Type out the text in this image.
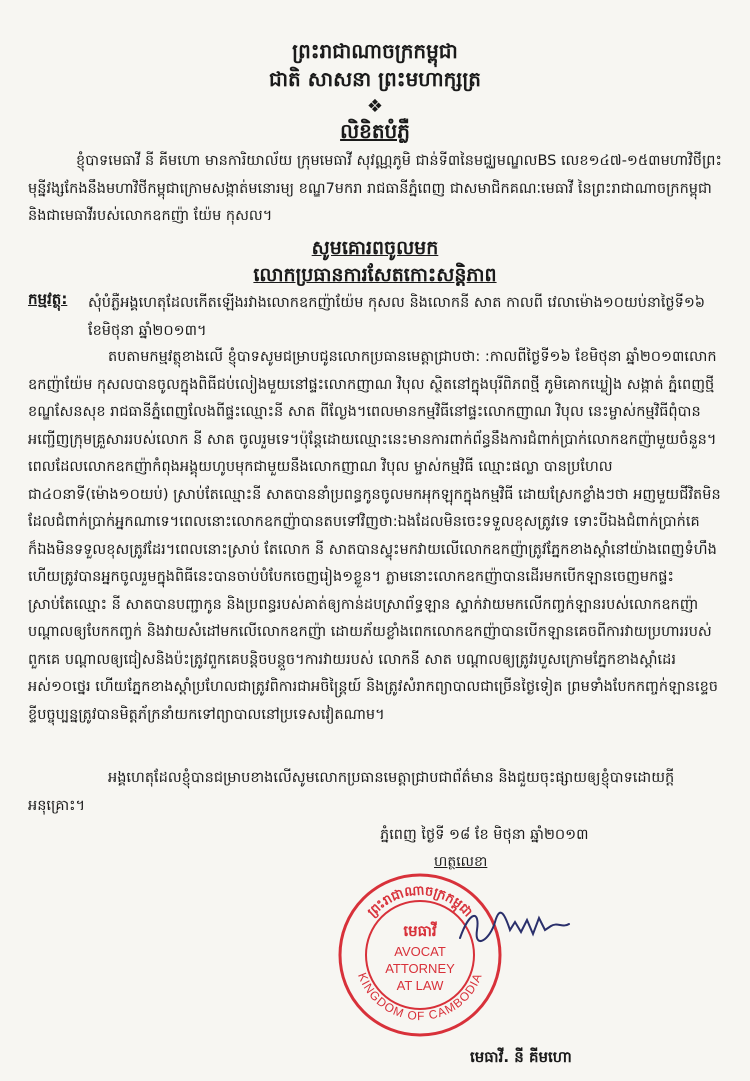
ព្រះរាជាណាចក្រកម្ពុជា
ជាតិ សាសនា ព្រះមហាក្សត្រ
❖
លិខិតបំភ្លឺ
ខ្ញុំបាទមេធាវី នី គីមហោ មានការិយាល័យ ក្រុមមេធាវី សុវណ្ណភូមិ ជាន់ទី៣នៃមជ្ឈមណ្ឌលBS លេខ១៤៧-១៥៣មហាវិថីព្រះមុន្នីវង្សកែងនឹងមហាវិថីកម្ពុជាក្រោមសង្កាត់មនោរម្យ ខណ្ឌ7មករា រាជធានីភ្នំពេញ ជាសមាជិកគណៈមេធាវី នៃព្រះរាជាណាចក្រកម្ពុជានិងជាមេធាវីរបស់លោកឧកញ៉ា យ៉ែម កុសល។
សូមគោរពចូលមក
លោកប្រធានការសែតកោះសន្តិភាព
កម្មវត្ថុ: សុំបំភ្លឺអង្គហេតុដែលកើតឡើងរវាងលោកឧកញ៉ាយ៉ែម កុសល និងលោកនី សាត កាលពី វេលាម៉ោង១០យប់នាថ្ងៃទី១៦ ខែមិថុនា ឆ្នាំ២០១៣។
តបតាមកម្មវត្ថុខាងលើ ខ្ញុំបាទសូមជម្រាបជូនលោកប្រធានមេត្តាជ្រាបថា: :កាលពីថ្ងៃទី១៦ ខែមិថុនា ឆ្នាំ២០១៣លោកឧកញ៉ាយ៉ែម កុសលបានចូលក្នុងពិធីជប់លៀងមួយនៅផ្ទះលោកញាណ វិបុល ស្ថិតនៅក្នុងបុរីពិភពថ្មី ភូមិគោកឃ្លៀង សង្កាត់ ភ្នំពេញថ្មី ខណ្ឌសែនសុខ រាជធានីភ្នំពេញលែងពីផ្ទះឈ្មោះនី សាត ពីល្ងែង។ពេលមានកម្មវិធីនៅផ្ទះលោកញាណ វិបុល នេះម្ចាស់កម្មវិធីពុំបានអញ្ជើញក្រុមគ្រួសាររបស់លោក នី សាត ចូលរួមទេ។ប៉ុន្តែដោយឈ្មោះនេះមានការពាក់ព័ន្ធនឹងការជំពាក់ប្រាក់លោកឧកញ៉ាមួយចំនួន។ពេលដែលលោកឧកញ៉ាកំពុងអង្គុយហូបមុកជាមួយនឹងលោកញាណ វិបុល ម្ចាស់កម្មវិធី ឈ្មោះផល្លា បានប្រហែលជា៤០នាទី(ម៉ោង១០យប់) ស្រាប់តែឈ្មោះនី សាតបាននាំប្រពន្ធកូនចូលមកអុកឡុកក្នុងកម្មវិធី ដោយស្រែកខ្លាំងៗថា អញមួយជីវិតមិនដែលជំពាក់ប្រាក់អ្នកណាទេ។ពេលនោះលោកឧកញ៉ាបានតបទៅវិញថា:ឯងដែលមិនចេះទទួលខុសត្រូវទេ ទោះបីឯងជំពាក់ប្រាក់គេ ក៏ឯងមិនទទួលខុសត្រូវដែរ។ពេលនោះស្រាប់ តែលោក នី សាតបានស្ទុះមកវាយលើលោកឧកញ៉ាត្រូវភ្នែកខាងស្តាំនៅយ៉ាងពេញទំហឹង ហើយត្រូវបានអ្នកចូលរួមក្នុងពិធីនេះបានចាប់បំបែកចេញរៀង១ខ្លួន។ ភ្លាមនោះលោកឧកញ៉ាបានដើរមកបើកឡានចេញមកផ្ទះ ស្រាប់តែឈ្មោះ នី សាតបានបញ្ជាកូន និងប្រពន្ធរបស់គាត់ឲ្យកាន់ដបស្រាព័ទ្ធឡាន ស្ទាក់វាយមកលើកញ្ចក់ឡានរបស់លោកឧកញ៉ាបណ្តាលឲ្យបែកកញ្ចក់ និងវាយសំដៅមកលើលោកឧកញ៉ា ដោយភ័យខ្លាំងពេកលោកឧកញ៉ាបានបើកឡានគេចពីការវាយប្រហាររបស់ពួកគេ បណ្តាលឲ្យជៀសនិងប៉ះត្រូវពួកគេបន្តិចបន្តួច។ការវាយរបស់ លោកនី សាត បណ្តាលឲ្យត្រូវរបួសក្រោមភ្នែកខាងស្តាំដេរអស់១០ថ្នេរ ហើយភ្នែកខាងស្តាំប្រហែលជាត្រូវពិការជាអចិន្ត្រៃយ៍ និងត្រូវសំរាកព្យាបាលជាច្រើនថ្ងៃទៀត ព្រមទាំងបែកកញ្ចក់ឡានខ្ទេចខ្ទីបច្ចុប្បន្នត្រូវបានមិត្តភ័ក្រនាំយកទៅព្យាបាលនៅប្រទេសវៀតណាម។
អង្គហេតុដែលខ្ញុំបានជម្រាបខាងលើសូមលោកប្រធានមេត្តាជ្រាបជាព័ត៌មាន និងជួយចុះផ្សាយឲ្យខ្ញុំបាទដោយក្តីអនុគ្រោះ។
ភ្នំពេញ ថ្ងៃទី ១៨ ខែ មិថុនា ឆ្នាំ២០១៣
ហត្ថលេខា
ព្រះរាជាណាចក្រកម្ពុជា
KINGDOM OF CAMBODIA
មេធាវី
AVOCAT
ATTORNEY
AT LAW
មេធាវី. នី គីមហោ
